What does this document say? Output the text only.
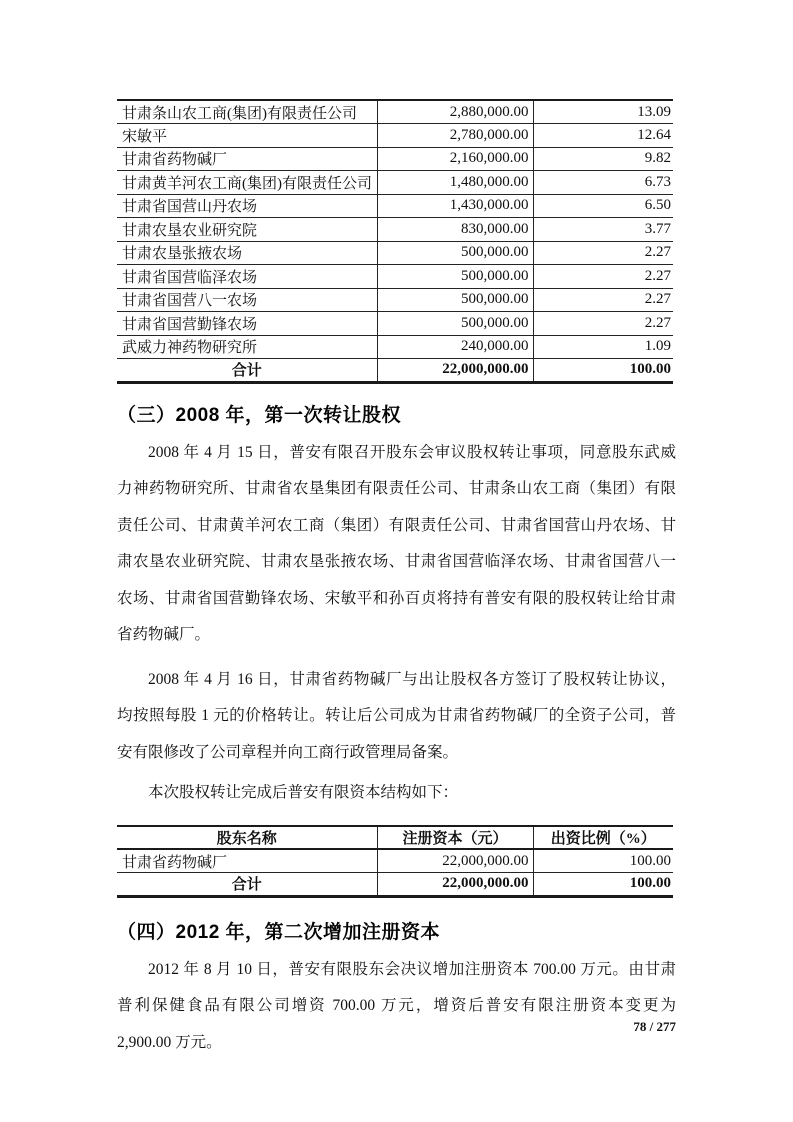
甘肃条山农工商(集团)有限责任公司	2,880,000.00	13.09
宋敏平	2,780,000.00	12.64
甘肃省药物碱厂	2,160,000.00	9.82
甘肃黄羊河农工商(集团)有限责任公司	1,480,000.00	6.73
甘肃省国营山丹农场	1,430,000.00	6.50
甘肃农垦农业研究院	830,000.00	3.77
甘肃农垦张掖农场	500,000.00	2.27
甘肃省国营临泽农场	500,000.00	2.27
甘肃省国营八一农场	500,000.00	2.27
甘肃省国营勤锋农场	500,000.00	2.27
武威力神药物研究所	240,000.00	1.09
合计	22,000,000.00	100.00
（三）2008 年，第一次转让股权
2008 年 4 月 15 日，普安有限召开股东会审议股权转让事项，同意股东武威
力神药物研究所、甘肃省农垦集团有限责任公司、甘肃条山农工商（集团）有限
责任公司、甘肃黄羊河农工商（集团）有限责任公司、甘肃省国营山丹农场、甘
肃农垦农业研究院、甘肃农垦张掖农场、甘肃省国营临泽农场、甘肃省国营八一
农场、甘肃省国营勤锋农场、宋敏平和孙百贞将持有普安有限的股权转让给甘肃
省药物碱厂。
2008 年 4 月 16 日，甘肃省药物碱厂与出让股权各方签订了股权转让协议，
均按照每股 1 元的价格转让。转让后公司成为甘肃省药物碱厂的全资子公司，普
安有限修改了公司章程并向工商行政管理局备案。
本次股权转让完成后普安有限资本结构如下：
股东名称	注册资本（元）	出资比例（%）
甘肃省药物碱厂	22,000,000.00	100.00
合计	22,000,000.00	100.00
（四）2012 年，第二次增加注册资本
2012 年 8 月 10 日，普安有限股东会决议增加注册资本 700.00 万元。由甘肃
普利保健食品有限公司增资 700.00 万元，增资后普安有限注册资本变更为
2,900.00 万元。
78 / 277
